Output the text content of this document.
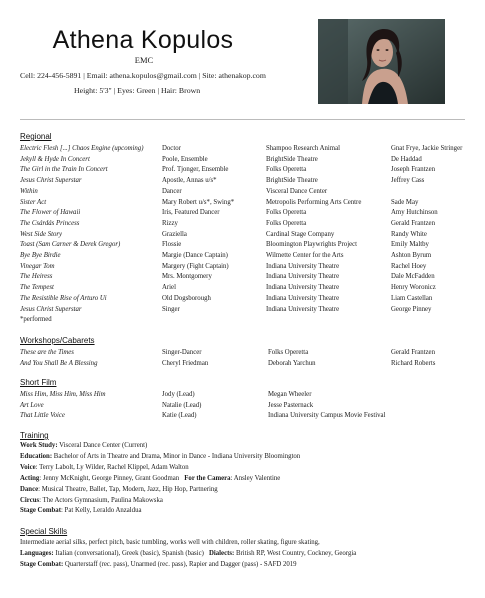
Athena Kopulos
EMC
Cell: 224-456-5891 | Email: athena.kopulos@gmail.com | Site: athenakop.com
Height: 5'3" | Eyes: Green | Hair: Brown
Regional
Electric Flesh [...] Chaos Engine (upcoming)	Doctor	Shampoo Research Animal	Gnat Frye, Jackie Stringer
Jekyll & Hyde In Concert	Poole, Ensemble	BrightSide Theatre	De Haddad
The Girl in the Train In Concert	Prof. Tjonger, Ensemble	Folks Operetta	Joseph Frantzen
Jesus Christ Superstar	Apostle, Annas u/s*	BrightSide Theatre	Jeffrey Cass
Within	Dancer	Visceral Dance Center
Sister Act	Mary Robert u/s*, Swing*	Metropolis Performing Arts Centre	Sade May
The Flower of Hawaii	Iris, Featured Dancer	Folks Operetta	Amy Hutchinson
The Csárdás Princess	Rizzy	Folks Operetta	Gerald Frantzen
West Side Story	Graziella	Cardinal Stage Company	Randy White
Toast (Sam Carner & Derek Gregor)	Flossie	Bloomington Playwrights Project	Emily Maltby
Bye Bye Birdie	Margie (Dance Captain)	Wilmette Center for the Arts	Ashton Byrum
Vinegar Tom	Margery (Fight Captain)	Indiana University Theatre	Rachel Hoey
The Heiress	Mrs. Montgomery	Indiana University Theatre	Dale McFadden
The Tempest	Ariel	Indiana University Theatre	Henry Woronicz
The Resistible Rise of Arturo Ui	Old Dogsborough	Indiana University Theatre	Liam Castellan
Jesus Christ Superstar	Singer	Indiana University Theatre	George Pinney
*performed
Workshops/Cabarets
These are the Times	Singer-Dancer	Folks Operetta	Gerald Frantzen
And You Shall Be A Blessing	Cheryl Friedman	Deborah Yarchun	Richard Roberts
Short Film
Miss Him, Miss Him, Miss Him	Jody (Lead)	Megan Wheeler
Art Love	Natalie (Lead)	Jesse Pasternack
That Little Voice	Katie (Lead)	Indiana University Campus Movie Festival
Training
Work Study: Visceral Dance Center (Current)
Education: Bachelor of Arts in Theatre and Drama, Minor in Dance - Indiana University Bloomington
Voice: Terry Labolt, Ly Wilder, Rachel Klippel, Adam Walton
Acting: Jenny McKnight, George Pinney, Grant Goodman For the Camera: Ansley Valentine
Dance: Musical Theatre, Ballet, Tap, Modern, Jazz, Hip Hop, Partnering
Circus: The Actors Gymnasium, Paulina Makowska
Stage Combat: Pat Kelly, Leraldo Anzaldua
Special Skills
Intermediate aerial silks, perfect pitch, basic tumbling, works well with children, roller skating, figure skating,
Languages: Italian (conversational), Greek (basic), Spanish (basic) Dialects: British RP, West Country, Cockney, Georgia
Stage Combat: Quarterstaff (rec. pass), Unarmed (rec. pass), Rapier and Dagger (pass) - SAFD 2019
